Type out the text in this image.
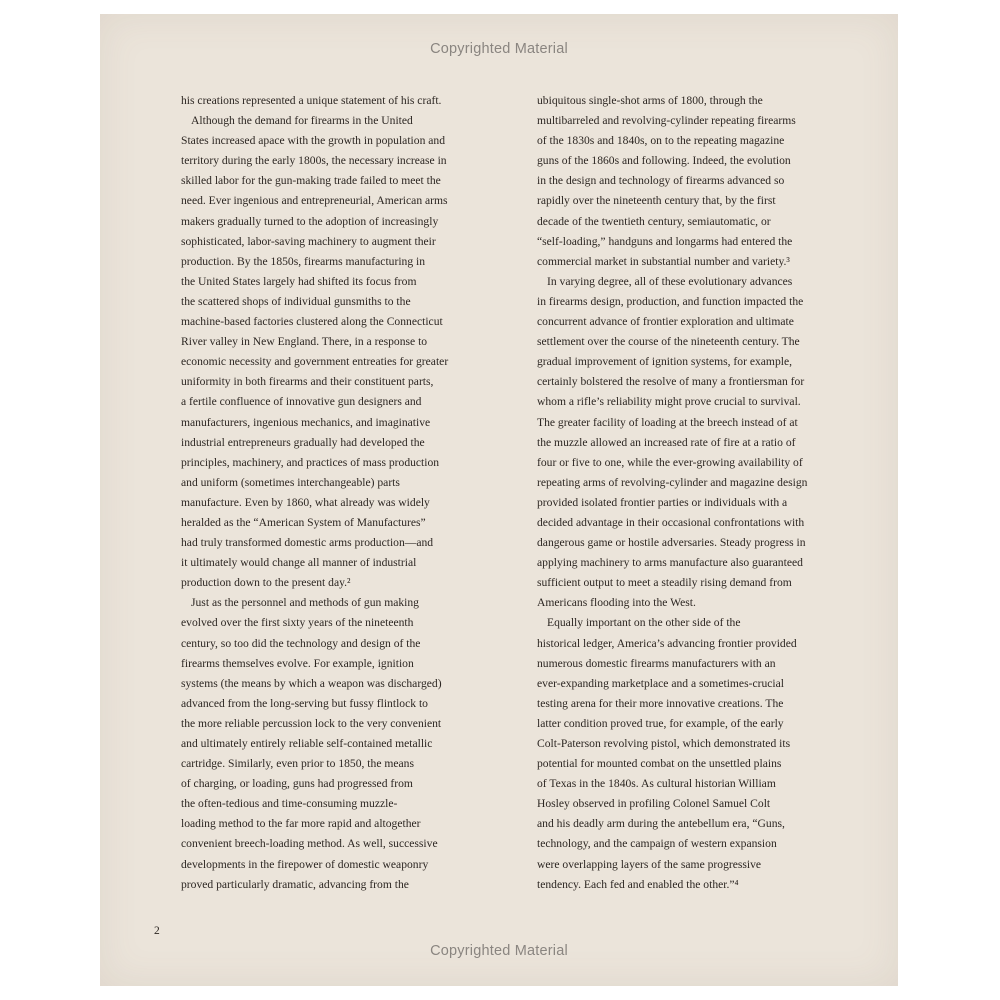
Copyrighted Material
his creations represented a unique statement of his craft.
Although the demand for firearms in the United
States increased apace with the growth in population and
territory during the early 1800s, the necessary increase in
skilled labor for the gun-making trade failed to meet the
need. Ever ingenious and entrepreneurial, American arms
makers gradually turned to the adoption of increasingly
sophisticated, labor-saving machinery to augment their
production. By the 1850s, firearms manufacturing in
the United States largely had shifted its focus from
the scattered shops of individual gunsmiths to the
machine-based factories clustered along the Connecticut
River valley in New England. There, in a response to
economic necessity and government entreaties for greater
uniformity in both firearms and their constituent parts,
a fertile confluence of innovative gun designers and
manufacturers, ingenious mechanics, and imaginative
industrial entrepreneurs gradually had developed the
principles, machinery, and practices of mass production
and uniform (sometimes interchangeable) parts
manufacture. Even by 1860, what already was widely
heralded as the “American System of Manufactures”
had truly transformed domestic arms production—and
it ultimately would change all manner of industrial
production down to the present day.²
Just as the personnel and methods of gun making
evolved over the first sixty years of the nineteenth
century, so too did the technology and design of the
firearms themselves evolve. For example, ignition
systems (the means by which a weapon was discharged)
advanced from the long-serving but fussy flintlock to
the more reliable percussion lock to the very convenient
and ultimately entirely reliable self-contained metallic
cartridge. Similarly, even prior to 1850, the means
of charging, or loading, guns had progressed from
the often-tedious and time-consuming muzzle-
loading method to the far more rapid and altogether
convenient breech-loading method. As well, successive
developments in the firepower of domestic weaponry
proved particularly dramatic, advancing from the
ubiquitous single-shot arms of 1800, through the
multibarreled and revolving-cylinder repeating firearms
of the 1830s and 1840s, on to the repeating magazine
guns of the 1860s and following. Indeed, the evolution
in the design and technology of firearms advanced so
rapidly over the nineteenth century that, by the first
decade of the twentieth century, semiautomatic, or
“self-loading,” handguns and longarms had entered the
commercial market in substantial number and variety.³
In varying degree, all of these evolutionary advances
in firearms design, production, and function impacted the
concurrent advance of frontier exploration and ultimate
settlement over the course of the nineteenth century. The
gradual improvement of ignition systems, for example,
certainly bolstered the resolve of many a frontiersman for
whom a rifle’s reliability might prove crucial to survival.
The greater facility of loading at the breech instead of at
the muzzle allowed an increased rate of fire at a ratio of
four or five to one, while the ever-growing availability of
repeating arms of revolving-cylinder and magazine design
provided isolated frontier parties or individuals with a
decided advantage in their occasional confrontations with
dangerous game or hostile adversaries. Steady progress in
applying machinery to arms manufacture also guaranteed
sufficient output to meet a steadily rising demand from
Americans flooding into the West.
Equally important on the other side of the
historical ledger, America’s advancing frontier provided
numerous domestic firearms manufacturers with an
ever-expanding marketplace and a sometimes-crucial
testing arena for their more innovative creations. The
latter condition proved true, for example, of the early
Colt-Paterson revolving pistol, which demonstrated its
potential for mounted combat on the unsettled plains
of Texas in the 1840s. As cultural historian William
Hosley observed in profiling Colonel Samuel Colt
and his deadly arm during the antebellum era, “Guns,
technology, and the campaign of western expansion
were overlapping layers of the same progressive
tendency. Each fed and enabled the other.”⁴
2
Copyrighted Material
